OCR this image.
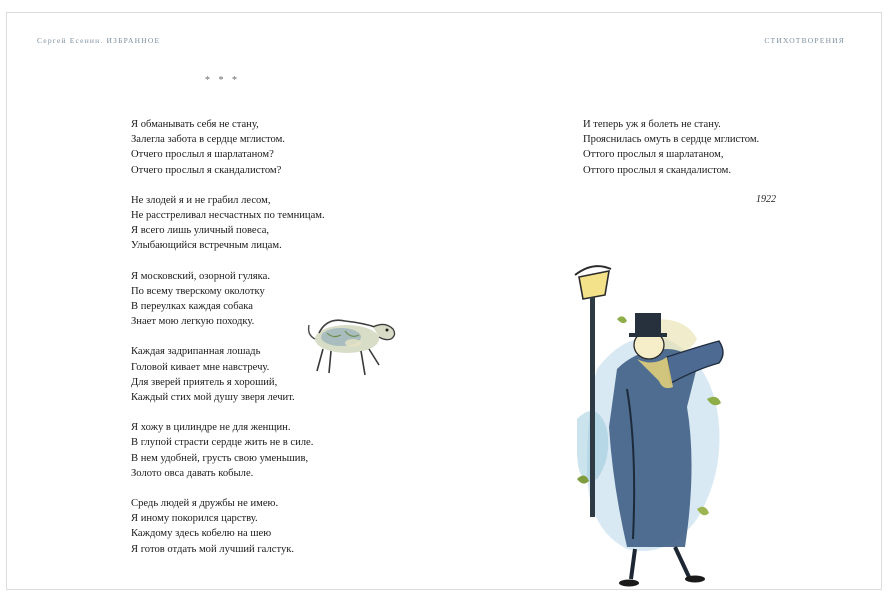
Сергей Есенин. ИЗБРАННОЕ	СТИХОТВОРЕНИЯ
* * *
Я обманывать себя не стану,
Залегла забота в сердце мглистом.
Отчего прослыл я шарлатаном?
Отчего прослыл я скандалистом?
Не злодей я и не грабил лесом,
Не расстреливал несчастных по темницам.
Я всего лишь уличный повеса,
Улыбающийся встречным лицам.
Я московский, озорной гуляка.
По всему тверскому околотку
В переулках каждая собака
Знает мою легкую походку.
Каждая задрипанная лошадь
Головой кивает мне навстречу.
Для зверей приятель я хороший,
Каждый стих мой душу зверя лечит.
Я хожу в цилиндре не для женщин.
В глупой страсти сердце жить не в силе.
В нем удобней, грусть свою уменьшив,
Золото овса давать кобыле.
Средь людей я дружбы не имею.
Я иному покорился царству.
Каждому здесь кобелю на шею
Я готов отдать мой лучший галстук.
И теперь уж я болеть не стану.
Прояснилась омуть в сердце мглистом.
Оттого прослыл я шарлатаном,
Оттого прослыл я скандалистом.
1922
